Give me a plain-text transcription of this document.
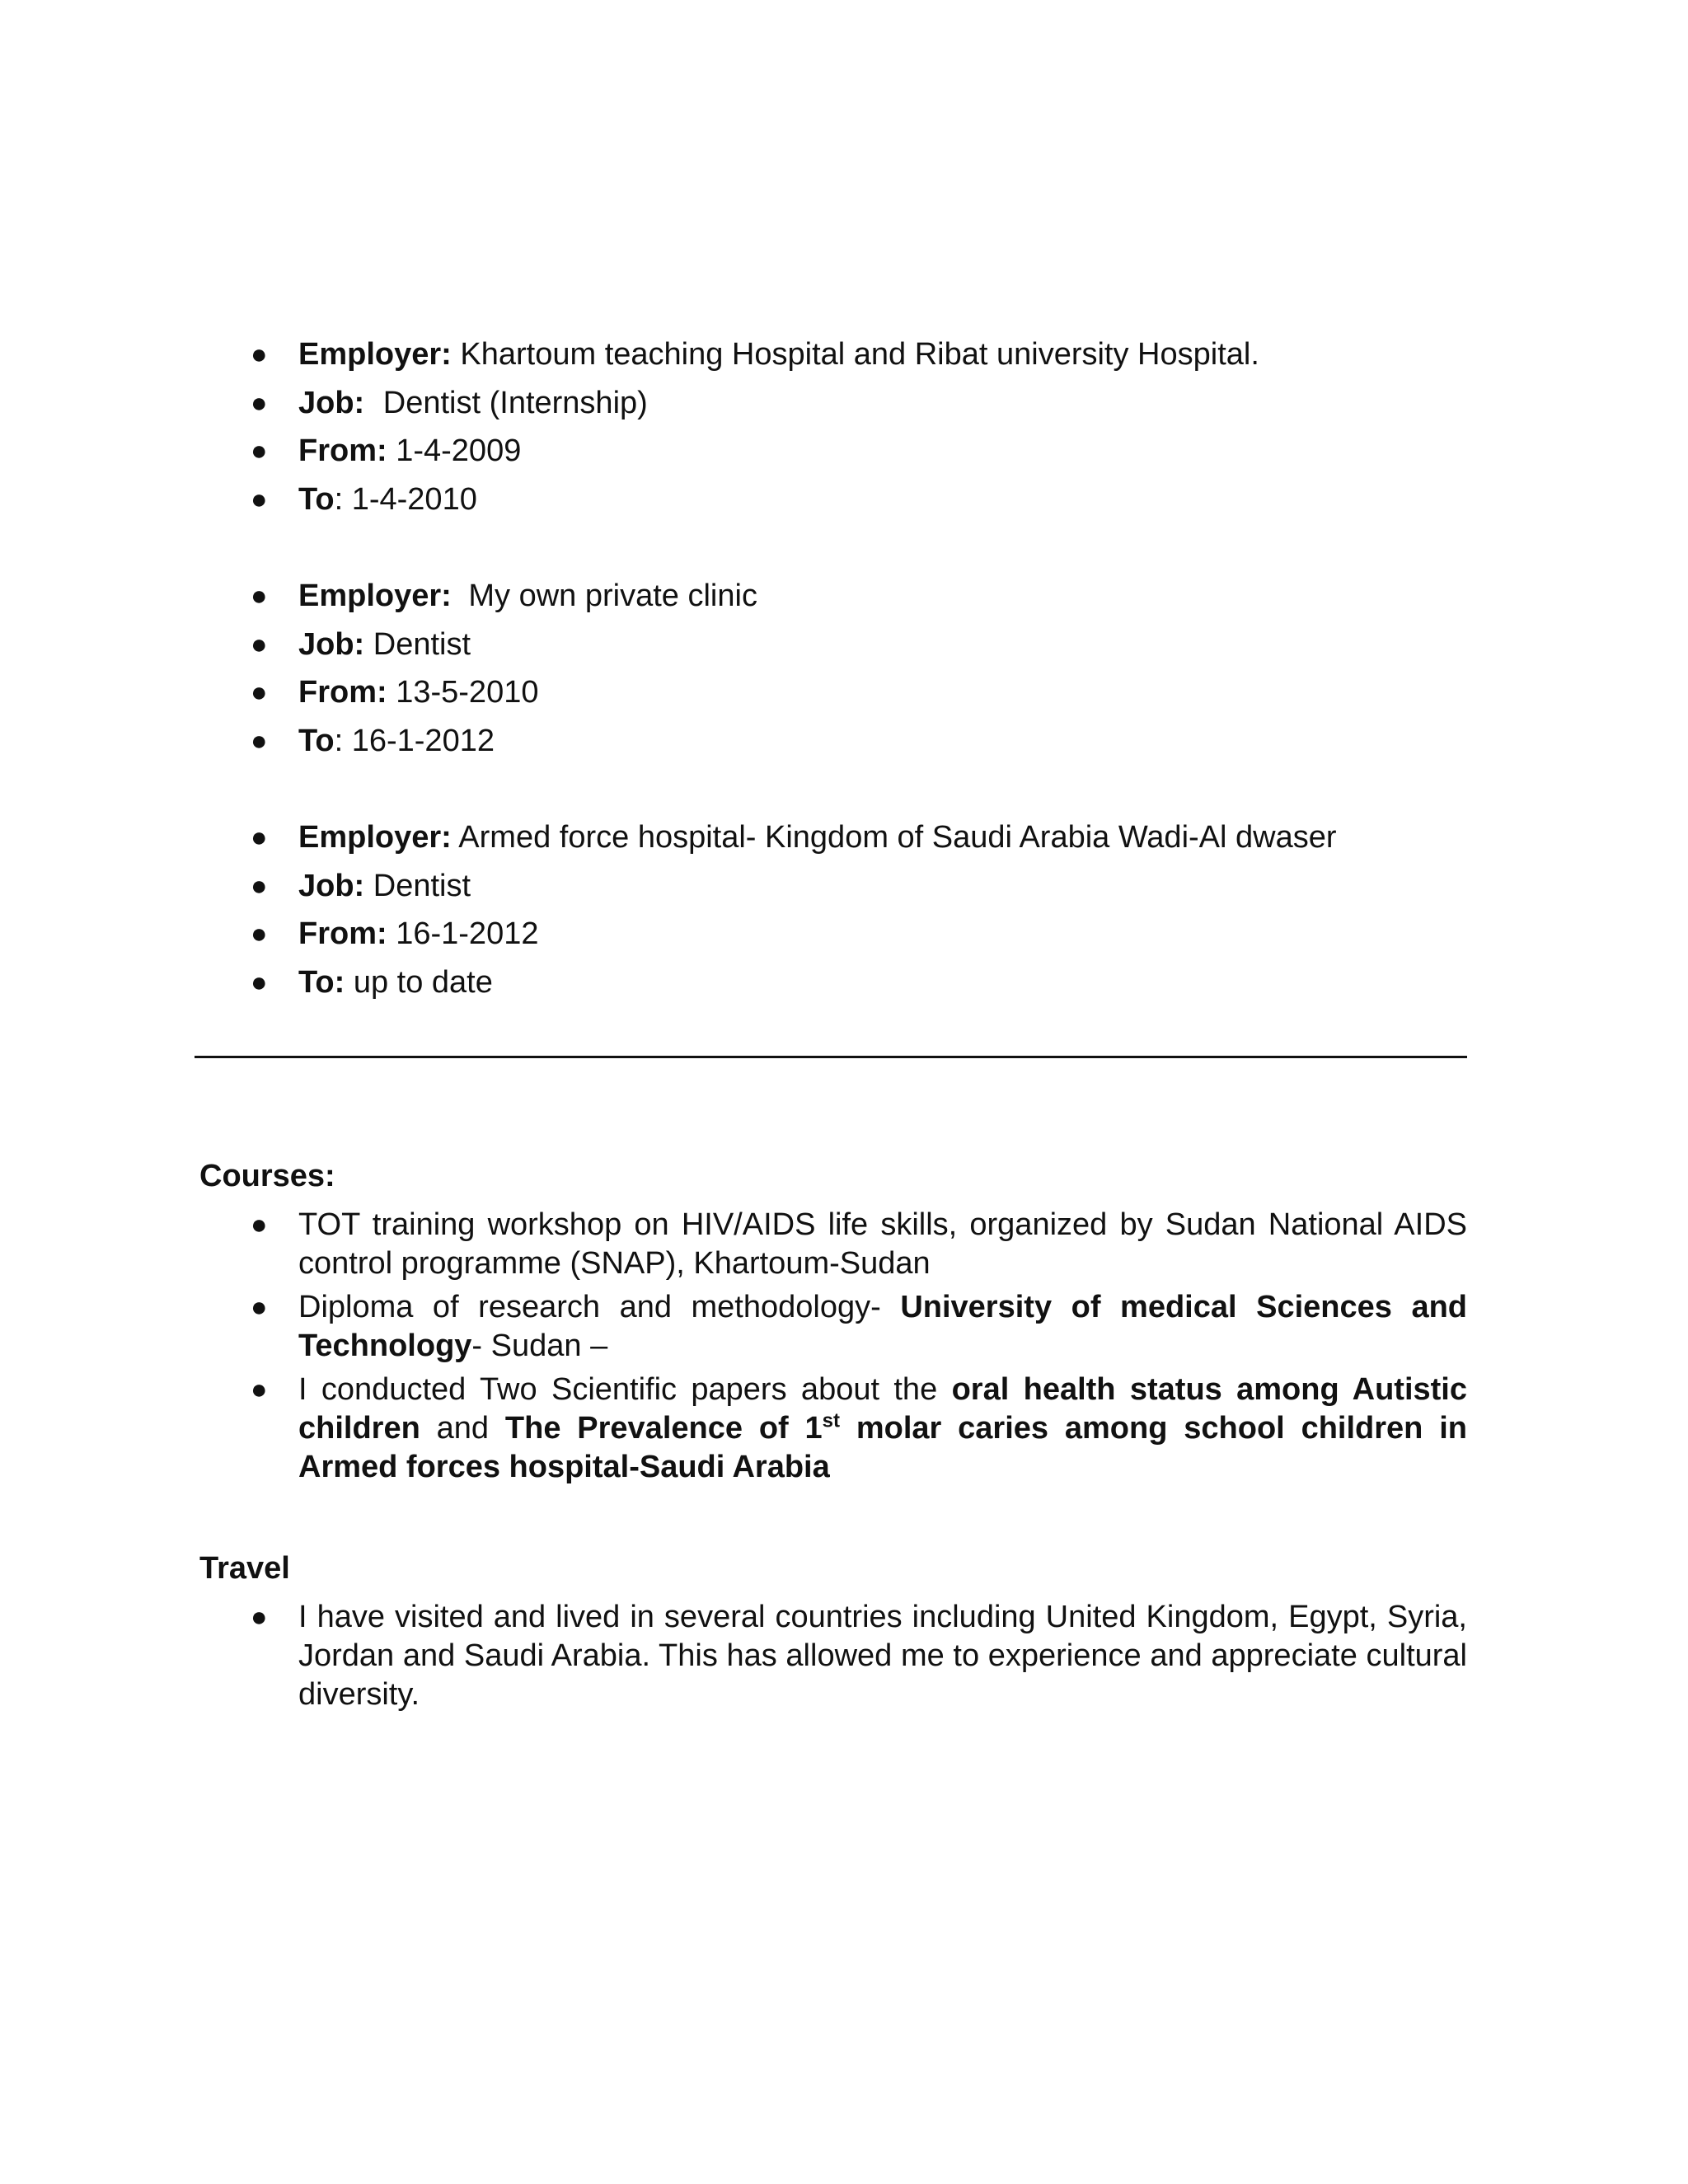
● Employer: Khartoum teaching Hospital and Ribat university Hospital.
● Job: Dentist (Internship)
● From: 1-4-2009
● To: 1-4-2010
● Employer: My own private clinic
● Job: Dentist
● From: 13-5-2010
● To: 16-1-2012
● Employer: Armed force hospital- Kingdom of Saudi Arabia Wadi-Al dwaser
● Job: Dentist
● From: 16-1-2012
● To: up to date
Courses:
● TOT training workshop on HIV/AIDS life skills, organized by Sudan National AIDS control programme (SNAP), Khartoum-Sudan
● Diploma of research and methodology- University of medical Sciences and Technology- Sudan –
● I conducted Two Scientific papers about the oral health status among Autistic children and The Prevalence of 1st molar caries among school children in Armed forces hospital-Saudi Arabia
Travel
● I have visited and lived in several countries including United Kingdom, Egypt, Syria, Jordan and Saudi Arabia. This has allowed me to experience and appreciate cultural diversity.
